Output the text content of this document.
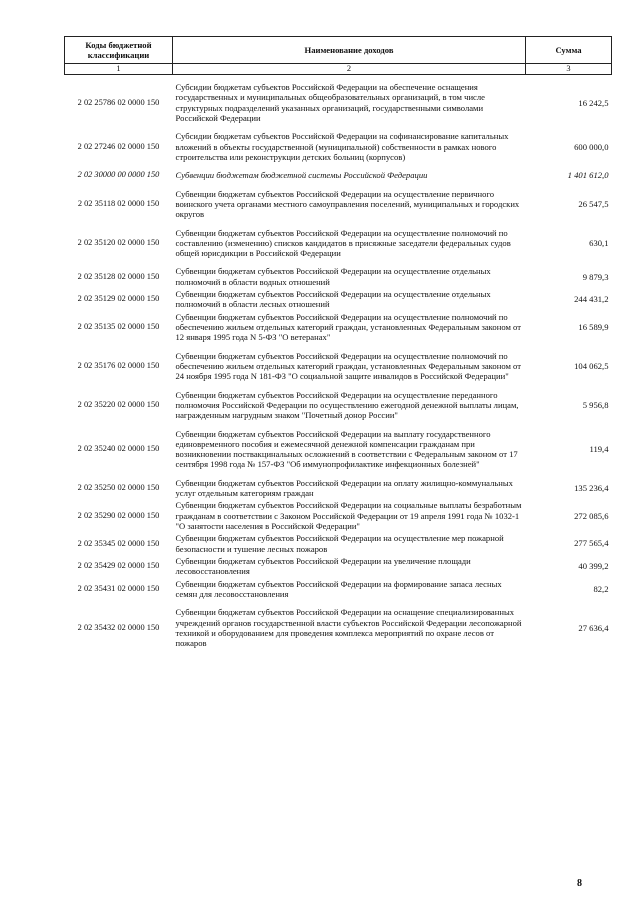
Коды бюджетной классификации	Наименование доходов	Сумма
1	2	3

2 02 25786 02 0000 150	Субсидии бюджетам субъектов Российской Федерации на обеспечение оснащения государственных и муниципальных общеобразовательных организаций, в том числе структурных подразделений указанных организаций, государственными символами Российской Федерации	16 242,5

2 02 27246 02 0000 150	Субсидии бюджетам субъектов Российской Федерации на софинансирование капитальных вложений в объекты государственной (муниципальной) собственности в рамках нового строительства или реконструкции детских больниц (корпусов)	600 000,0

2 02 30000 00 0000 150	Субвенции бюджетам бюджетной системы Российской Федерации	1 401 612,0

2 02 35118 02 0000 150	Субвенции бюджетам субъектов Российской Федерации на осуществление первичного воинского учета органами местного самоуправления поселений, муниципальных и городских округов	26 547,5

2 02 35120 02 0000 150	Субвенции бюджетам субъектов Российской Федерации на осуществление полномочий по составлению (изменению) списков кандидатов в присяжные заседатели федеральных судов общей юрисдикции в Российской Федерации	630,1

2 02 35128 02 0000 150	Субвенции бюджетам субъектов Российской Федерации на осуществление отдельных полномочий в области водных отношений	9 879,3
2 02 35129 02 0000 150	Субвенции бюджетам субъектов Российской Федерации на осуществление отдельных полномочий в области лесных отношений	244 431,2
2 02 35135 02 0000 150	Субвенции бюджетам субъектов Российской Федерации на осуществление полномочий по обеспечению жильем отдельных категорий граждан, установленных Федеральным законом от 12 января 1995 года N 5-ФЗ "О ветеранах"	16 589,9

2 02 35176 02 0000 150	Субвенции бюджетам субъектов Российской Федерации на осуществление полномочий по обеспечению жильем отдельных категорий граждан, установленных Федеральным законом от 24 ноября 1995 года N 181-ФЗ "О социальной защите инвалидов в Российской Федерации"	104 062,5

2 02 35220 02 0000 150	Субвенции бюджетам субъектов Российской Федерации на осуществление переданного полномочия Российской Федерации по осуществлению ежегодной денежной выплаты лицам, награжденным нагрудным знаком "Почетный донор России"	5 956,8

2 02 35240 02 0000 150	Субвенции бюджетам субъектов Российской Федерации на выплату государственного единовременного пособия и ежемесячной денежной компенсации гражданам при возникновении поствакцинальных осложнений в соответствии с Федеральным законом от 17 сентября 1998 года № 157-ФЗ "Об иммунопрофилактике инфекционных болезней"	119,4

2 02 35250 02 0000 150	Субвенции бюджетам субъектов Российской Федерации на оплату жилищно-коммунальных услуг отдельным категориям граждан	135 236,4
2 02 35290 02 0000 150	Субвенции бюджетам субъектов Российской Федерации на социальные выплаты безработным гражданам в соответствии с Законом Российской Федерации от 19 апреля 1991 года № 1032-1 "О занятости населения в Российской Федерации"	272 085,6
2 02 35345 02 0000 150	Субвенции бюджетам субъектов Российской Федерации на осуществление мер пожарной безопасности и тушение лесных пожаров	277 565,4
2 02 35429 02 0000 150	Субвенции бюджетам субъектов Российской Федерации на увеличение площади лесовосстановления	40 399,2
2 02 35431 02 0000 150	Субвенции бюджетам субъектов Российской Федерации на формирование запаса лесных семян для лесовосстановления	82,2

2 02 35432 02 0000 150	Субвенции бюджетам субъектов Российской Федерации на оснащение специализированных учреждений органов государственной власти субъектов Российской Федерации лесопожарной техникой и оборудованием для проведения комплекса мероприятий по охране лесов от пожаров	27 636,4
8
